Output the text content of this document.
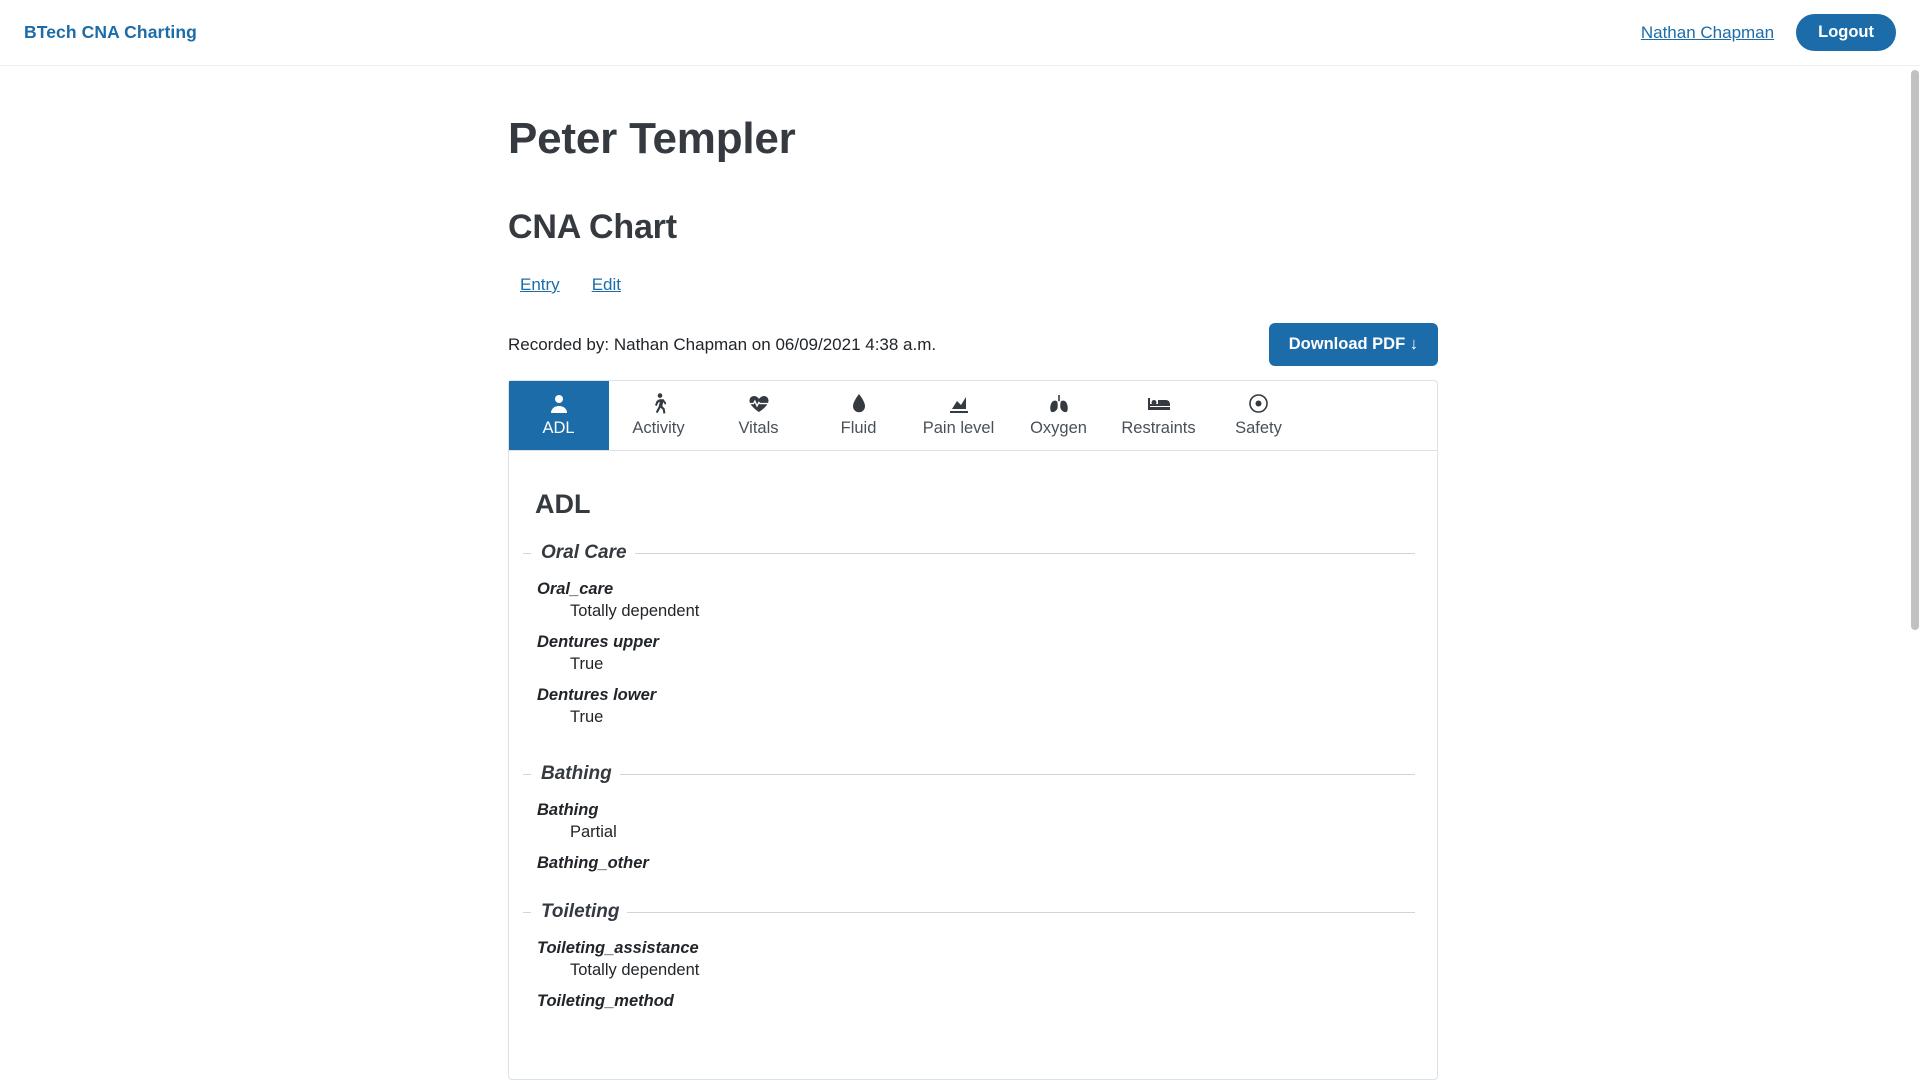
BTech CNA Charting	Nathan Chapman	Logout
Peter Templer
CNA Chart
Entry Edit
Recorded by: Nathan Chapman on 06/09/2021 4:38 a.m.	Download PDF ↓
ADL	Activity	Vitals	Fluid	Pain level	Oxygen	Restraints	Safety
ADL
Oral Care
Oral_care
Totally dependent
Dentures upper
True
Dentures lower
True
Bathing
Bathing
Partial
Bathing_other
Toileting
Toileting_assistance
Totally dependent
Toileting_method
